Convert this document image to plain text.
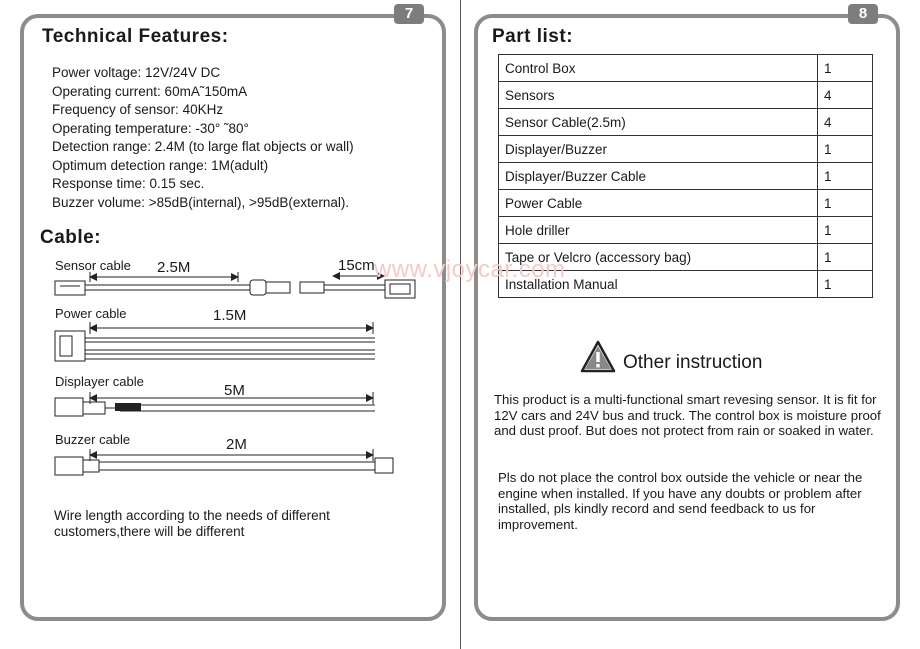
7
Technical Features:
Power voltage: 12V/24V DC
Operating current: 60mA˜150mA
Frequency of sensor: 40KHz
Operating temperature: -30° ˜80°
Detection range: 2.4M (to large flat objects or wall)
Optimum detection range: 1M(adult)
Response time: 0.15 sec.
Buzzer volume: >85dB(internal), >95dB(external).
Cable:
Sensor cable 2.5M	15cm
Power cable	1.5M
Displayer cable
5M
Buzzer cable	2M
Wire length according to the needs of different customers,there will be different
8
Part list:
Control Box	1
Sensors	4
Sensor Cable(2.5m)	4
Displayer/Buzzer	1
Displayer/Buzzer Cable	1
Power Cable	1
Hole driller	1
Tape or Velcro (accessory bag)	1
Installation Manual	1
Other instruction
This product is a multi-functional smart revesing sensor. It is fit for 12V cars and 24V bus and truck. The control box is moisture proof and dust proof. But does not protect from rain or soaked in water.
Pls do not place the control box outside the vehicle or near the engine when installed. If you have any doubts or problem after installed, pls kindly record and send feedback to us for improvement.
www.vjoycar.com
